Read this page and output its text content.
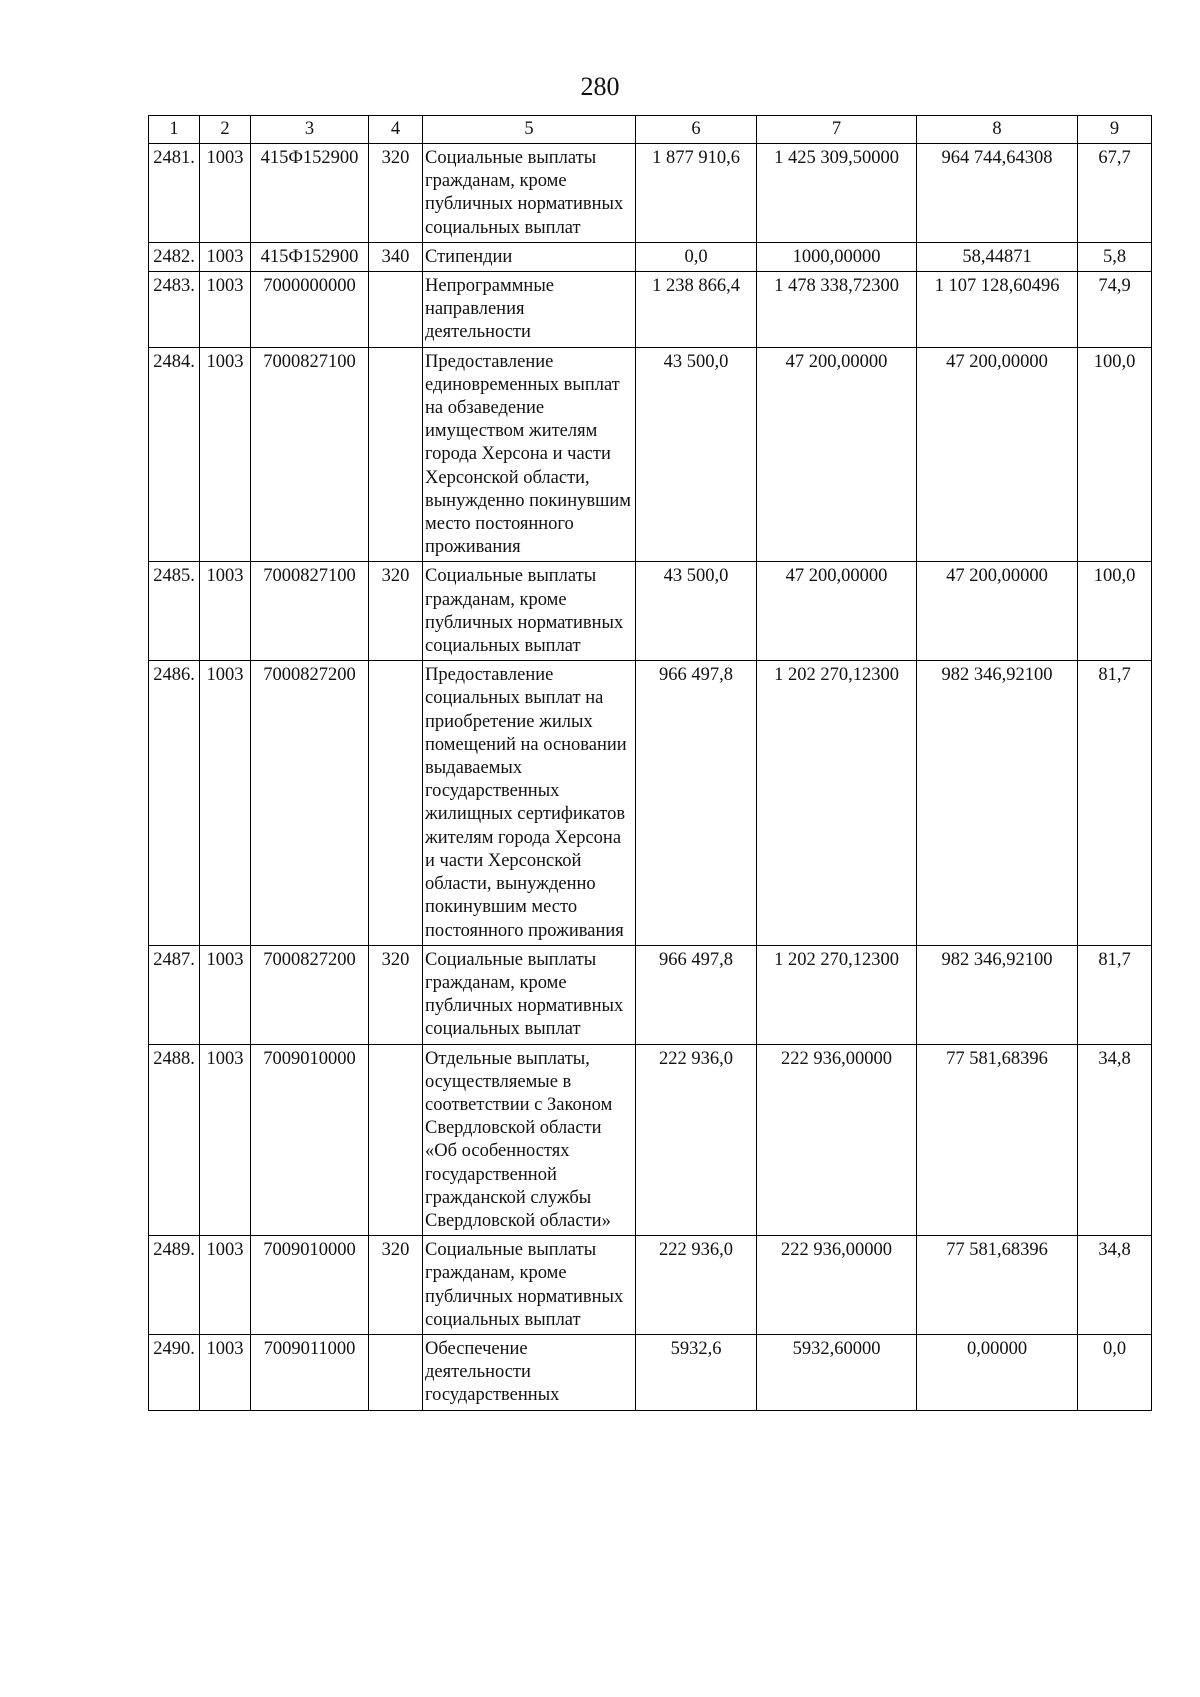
280
1	2	3	4	5	6	7	8	9
2481.	1003	415Ф152900	320	Социальные выплаты гражданам, кроме публичных нормативных социальных выплат	1 877 910,6	1 425 309,50000	964 744,64308	67,7
2482.	1003	415Ф152900	340	Стипендии	0,0	1000,00000	58,44871	5,8
2483.	1003	7000000000		Непрограммные направления деятельности	1 238 866,4	1 478 338,72300	1 107 128,60496	74,9
2484.	1003	7000827100		Предоставление единовременных выплат на обзаведение имуществом жителям города Херсона и части Херсонской области, вынужденно покинувшим место постоянного проживания	43 500,0	47 200,00000	47 200,00000	100,0
2485.	1003	7000827100	320	Социальные выплаты гражданам, кроме публичных нормативных социальных выплат	43 500,0	47 200,00000	47 200,00000	100,0
2486.	1003	7000827200		Предоставление социальных выплат на приобретение жилых помещений на основании выдаваемых государственных жилищных сертификатов жителям города Херсона и части Херсонской области, вынужденно покинувшим место постоянного проживания	966 497,8	1 202 270,12300	982 346,92100	81,7
2487.	1003	7000827200	320	Социальные выплаты гражданам, кроме публичных нормативных социальных выплат	966 497,8	1 202 270,12300	982 346,92100	81,7
2488.	1003	7009010000		Отдельные выплаты, осуществляемые в соответствии с Законом Свердловской области «Об особенностях государственной гражданской службы Свердловской области»	222 936,0	222 936,00000	77 581,68396	34,8
2489.	1003	7009010000	320	Социальные выплаты гражданам, кроме публичных нормативных социальных выплат	222 936,0	222 936,00000	77 581,68396	34,8
2490.	1003	7009011000		Обеспечение деятельности государственных	5932,6	5932,60000	0,00000	0,0
